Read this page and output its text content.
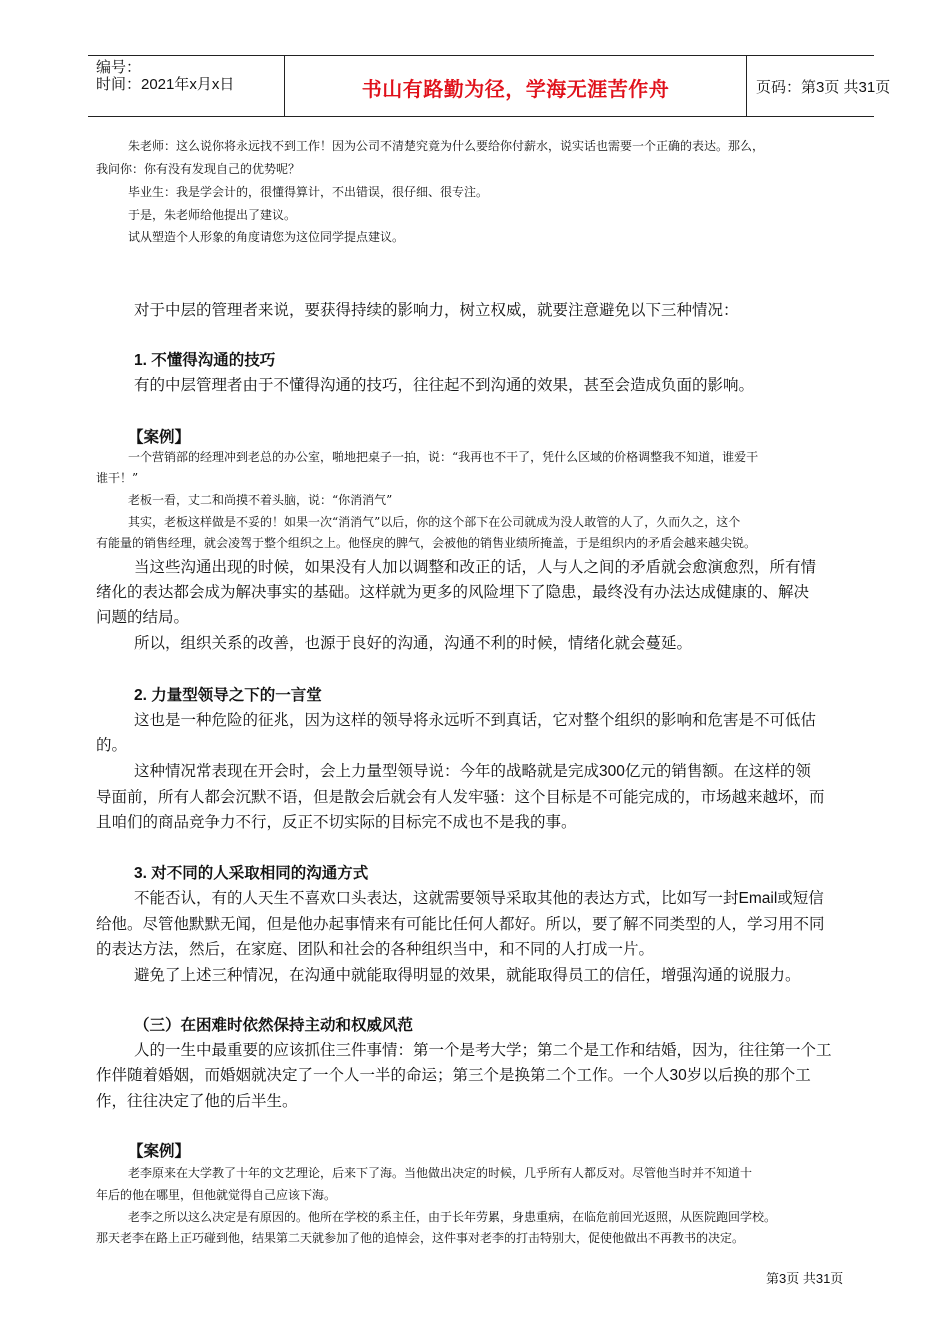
编号：
时间：2021年x月x日	书山有路勤为径，学海无涯苦作舟	页码：第3页 共31页
朱老师：这么说你将永远找不到工作！因为公司不清楚究竟为什么要给你付薪水，说实话也需要一个正确的表达。那么，
我问你：你有没有发现自己的优势呢？
毕业生：我是学会计的，很懂得算计，不出错误，很仔细、很专注。
于是，朱老师给他提出了建议。
试从塑造个人形象的角度请您为这位同学提点建议。
对于中层的管理者来说，要获得持续的影响力，树立权威，就要注意避免以下三种情况：
1. 不懂得沟通的技巧
有的中层管理者由于不懂得沟通的技巧，往往起不到沟通的效果，甚至会造成负面的影响。
【案例】
一个营销部的经理冲到老总的办公室，啪地把桌子一拍，说：“我再也不干了，凭什么区域的价格调整我不知道，谁爱干
谁干！”
老板一看，丈二和尚摸不着头脑，说：“你消消气”
其实，老板这样做是不妥的！如果一次“消消气”以后，你的这个部下在公司就成为没人敢管的人了，久而久之，这个
有能量的销售经理，就会凌驾于整个组织之上。他怪戾的脾气，会被他的销售业绩所掩盖，于是组织内的矛盾会越来越尖锐。
当这些沟通出现的时候，如果没有人加以调整和改正的话，人与人之间的矛盾就会愈演愈烈，所有情
绪化的表达都会成为解决事实的基础。这样就为更多的风险埋下了隐患，最终没有办法达成健康的、解决
问题的结局。
所以，组织关系的改善，也源于良好的沟通，沟通不利的时候，情绪化就会蔓延。
2. 力量型领导之下的一言堂
这也是一种危险的征兆，因为这样的领导将永远听不到真话，它对整个组织的影响和危害是不可低估
的。
这种情况常表现在开会时，会上力量型领导说：今年的战略就是完成300亿元的销售额。在这样的领
导面前，所有人都会沉默不语，但是散会后就会有人发牢骚：这个目标是不可能完成的，市场越来越坏，而
且咱们的商品竞争力不行，反正不切实际的目标完不成也不是我的事。
3. 对不同的人采取相同的沟通方式
不能否认，有的人天生不喜欢口头表达，这就需要领导采取其他的表达方式，比如写一封Email或短信
给他。尽管他默默无闻，但是他办起事情来有可能比任何人都好。所以，要了解不同类型的人，学习用不同
的表达方法，然后，在家庭、团队和社会的各种组织当中，和不同的人打成一片。
避免了上述三种情况，在沟通中就能取得明显的效果，就能取得员工的信任，增强沟通的说服力。
（三）在困难时依然保持主动和权威风范
人的一生中最重要的应该抓住三件事情：第一个是考大学；第二个是工作和结婚，因为，往往第一个工
作伴随着婚姻，而婚姻就决定了一个人一半的命运；第三个是换第二个工作。一个人30岁以后换的那个工
作，往往决定了他的后半生。
【案例】
老李原来在大学教了十年的文艺理论，后来下了海。当他做出决定的时候，几乎所有人都反对。尽管他当时并不知道十
年后的他在哪里，但他就觉得自己应该下海。
老李之所以这么决定是有原因的。他所在学校的系主任，由于长年劳累，身患重病，在临危前回光返照，从医院跑回学校。
那天老李在路上正巧碰到他，结果第二天就参加了他的追悼会，这件事对老李的打击特别大，促使他做出不再教书的决定。
第3页 共31页
